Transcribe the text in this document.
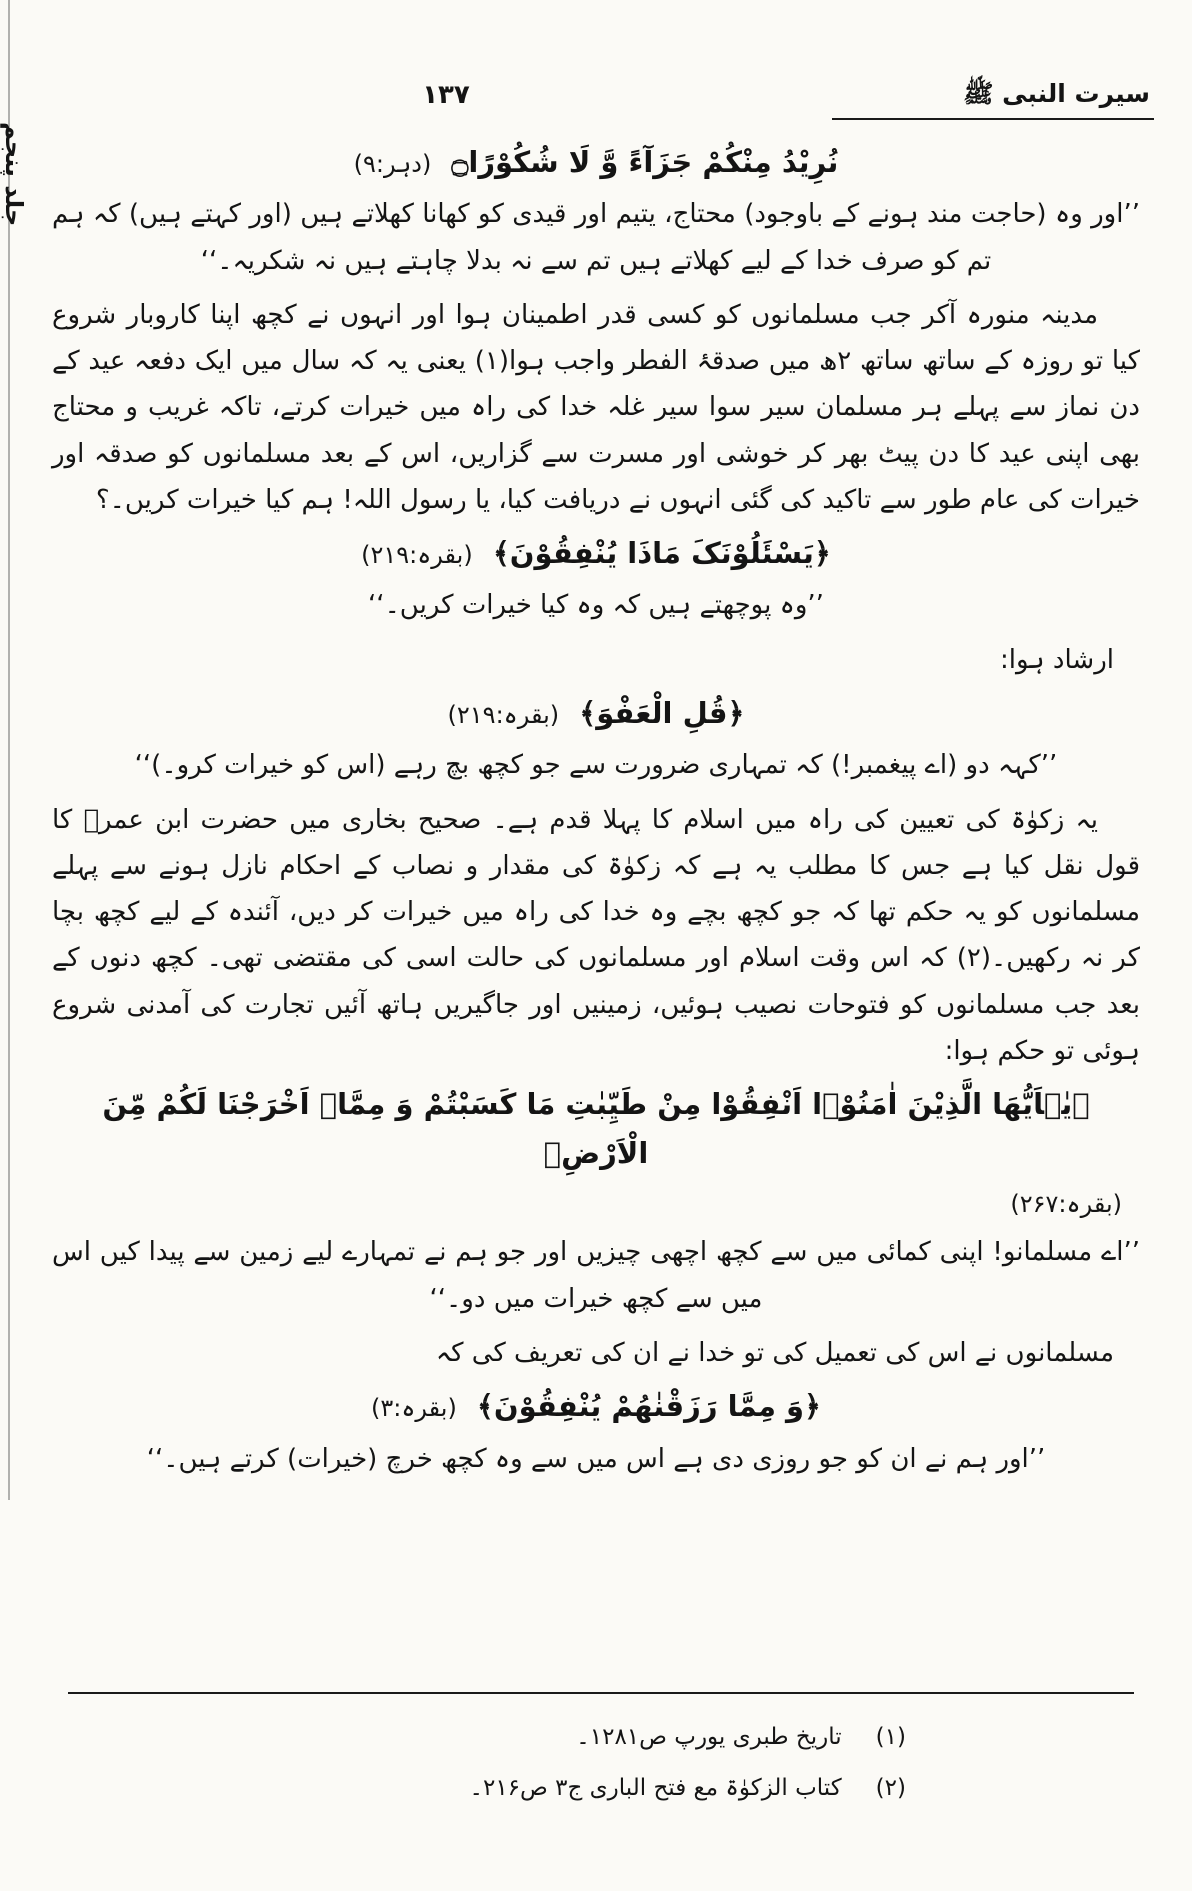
سیرت النبی ﷺ
۱۳۷
جلد پنجم	نُرِیْدُ مِنْکُمْ جَزَآءً وَّ لَا شُکُوْرًا۝ (دہر:۹)
’’اور وہ (حاجت مند ہونے کے باوجود) محتاج، یتیم اور قیدی کو کھانا کھلاتے ہیں (اور کہتے ہیں) کہ ہم تم کو صرف خدا کے لیے کھلاتے ہیں تم سے نہ بدلا چاہتے ہیں نہ شکریہ۔‘‘
مدینہ منورہ آکر جب مسلمانوں کو کسی قدر اطمینان ہوا اور انہوں نے کچھ اپنا کاروبار شروع کیا تو روزہ کے ساتھ ساتھ ۲ھ میں صدقۂ الفطر واجب ہوا(۱) یعنی یہ کہ سال میں ایک دفعہ عید کے دن نماز سے پہلے ہر مسلمان سیر سوا سیر غلہ خدا کی راہ میں خیرات کرتے، تاکہ غریب و محتاج بھی اپنی عید کا دن پیٹ بھر کر خوشی اور مسرت سے گزاریں، اس کے بعد مسلمانوں کو صدقہ اور خیرات کی عام طور سے تاکید کی گئی انہوں نے دریافت کیا، یا رسول اللہ! ہم کیا خیرات کریں۔؟
﴿یَسْئَلُوْنَکَ مَاذَا یُنْفِقُوْنَ﴾ (بقرہ:۲۱۹)
’’وہ پوچھتے ہیں کہ وہ کیا خیرات کریں۔‘‘
ارشاد ہوا:
﴿قُلِ الْعَفْوَ﴾ (بقرہ:۲۱۹)
’’کہہ دو (اے پیغمبر!) کہ تمہاری ضرورت سے جو کچھ بچ رہے (اس کو خیرات کرو۔)‘‘
یہ زکوٰۃ کی تعیین کی راہ میں اسلام کا پہلا قدم ہے۔ صحیح بخاری میں حضرت ابن عمرؓ کا قول نقل کیا ہے جس کا مطلب یہ ہے کہ زکوٰۃ کی مقدار و نصاب کے احکام نازل ہونے سے پہلے مسلمانوں کو یہ حکم تھا کہ جو کچھ بچے وہ خدا کی راہ میں خیرات کر دیں، آئندہ کے لیے کچھ بچا کر نہ رکھیں۔(۲) کہ اس وقت اسلام اور مسلمانوں کی حالت اسی کی مقتضی تھی۔ کچھ دنوں کے بعد جب مسلمانوں کو فتوحات نصیب ہوئیں، زمینیں اور جاگیریں ہاتھ آئیں تجارت کی آمدنی شروع ہوئی تو حکم ہوا:
﴿یٰۤاَیُّهَا الَّذِیْنَ اٰمَنُوْۤا اَنْفِقُوْا مِنْ طَیِّبٰتِ مَا کَسَبْتُمْ وَ مِمَّاۤ اَخْرَجْنَا لَکُمْ مِّنَ الْاَرْضِ﴾
(بقرہ:۲۶۷)
’’اے مسلمانو! اپنی کمائی میں سے کچھ اچھی چیزیں اور جو ہم نے تمہارے لیے زمین سے پیدا کیں اس میں سے کچھ خیرات میں دو۔‘‘
مسلمانوں نے اس کی تعمیل کی تو خدا نے ان کی تعریف کی کہ
﴿وَ مِمَّا رَزَقْنٰهُمْ یُنْفِقُوْنَ﴾ (بقرہ:۳)
’’اور ہم نے ان کو جو روزی دی ہے اس میں سے وہ کچھ خرچ (خیرات) کرتے ہیں۔‘‘
(۱)
تاریخ طبری یورپ ص۱۲۸۱۔
(۲)
کتاب الزکوٰۃ مع فتح الباری ج۳ ص۲۱۶۔
